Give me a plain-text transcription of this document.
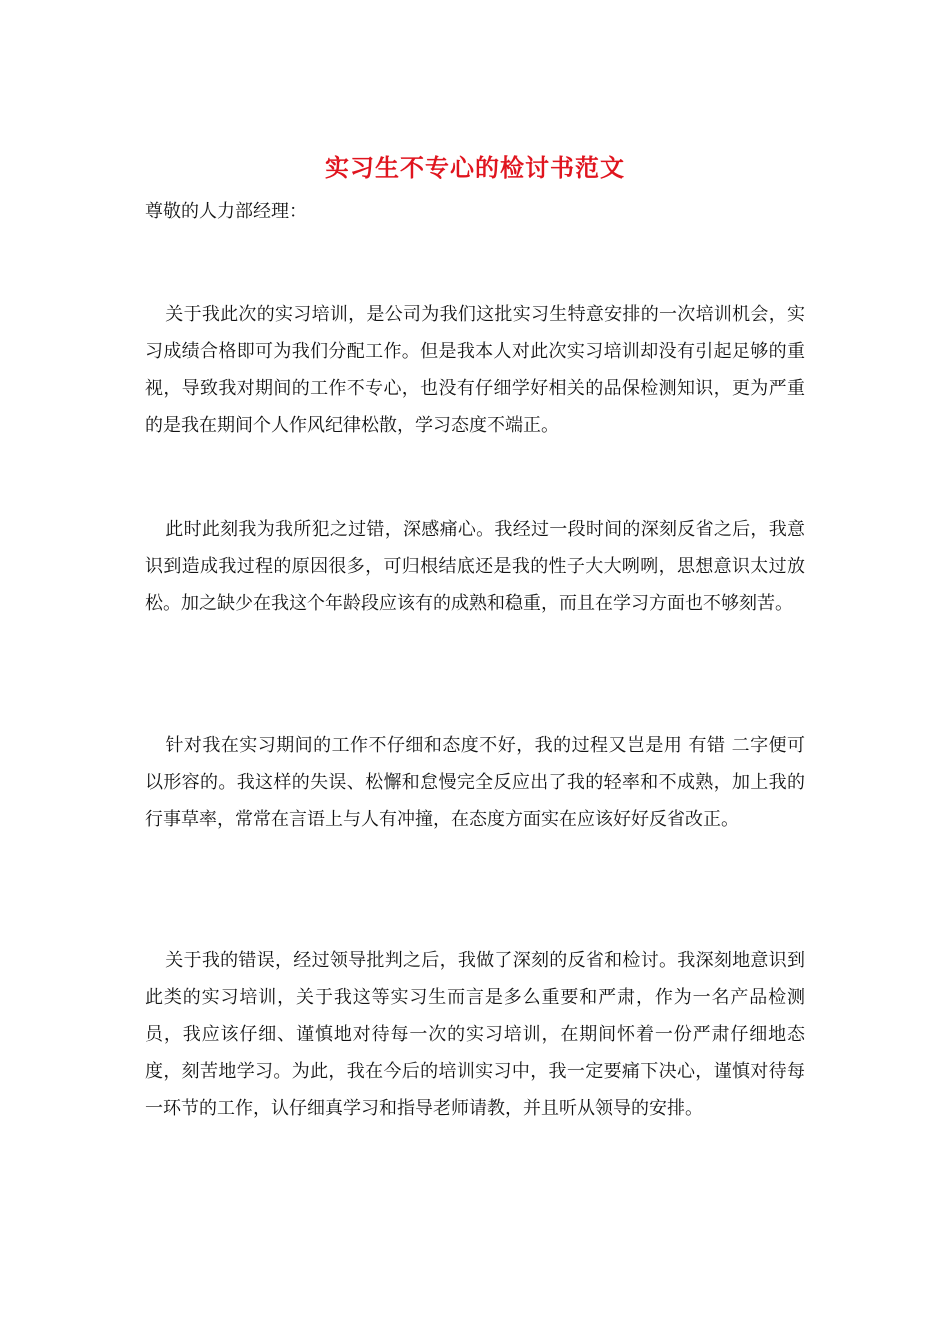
实习生不专心的检讨书范文
尊敬的人力部经理：

关于我此次的实习培训，是公司为我们这批实习生特意安排的一次培训机会，实习成绩合格即可为我们分配工作。但是我本人对此次实习培训却没有引起足够的重视，导致我对期间的工作不专心，也没有仔细学好相关的品保检测知识，更为严重的是我在期间个人作风纪律松散，学习态度不端正。

此时此刻我为我所犯之过错，深感痛心。我经过一段时间的深刻反省之后，我意识到造成我过程的原因很多，可归根结底还是我的性子大大咧咧，思想意识太过放松。加之缺少在我这个年龄段应该有的成熟和稳重，而且在学习方面也不够刻苦。

针对我在实习期间的工作不仔细和态度不好，我的过程又岂是用 有错 二字便可以形容的。我这样的失误、松懈和怠慢完全反应出了我的轻率和不成熟，加上我的行事草率，常常在言语上与人有冲撞，在态度方面实在应该好好反省改正。

关于我的错误，经过领导批判之后，我做了深刻的反省和检讨。我深刻地意识到此类的实习培训，关于我这等实习生而言是多么重要和严肃，作为一名产品检测员，我应该仔细、谨慎地对待每一次的实习培训，在期间怀着一份严肃仔细地态度，刻苦地学习。为此，我在今后的培训实习中，我一定要痛下决心，谨慎对待每一环节的工作，认仔细真学习和指导老师请教，并且听从领导的安排。
